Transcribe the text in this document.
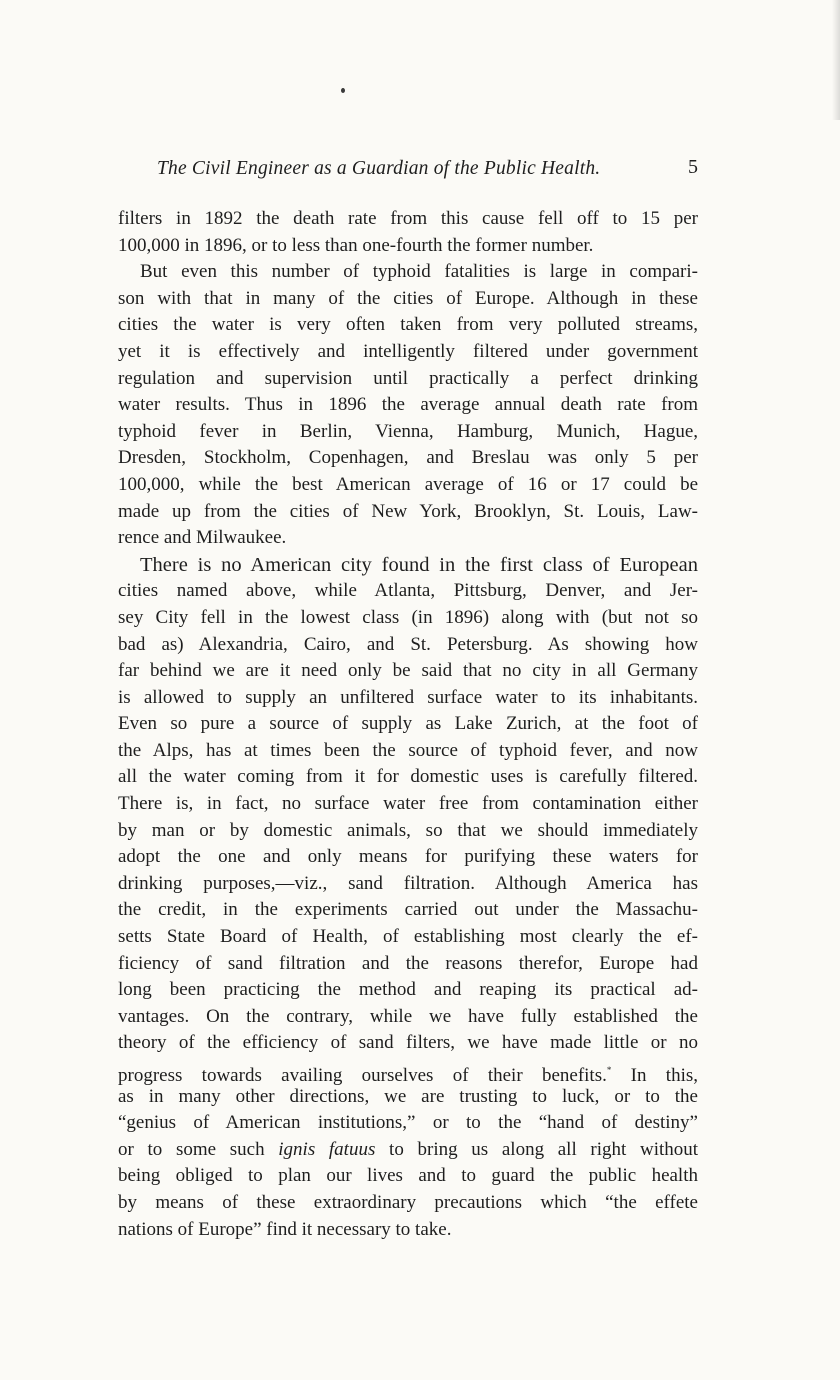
The Civil Engineer as a Guardian of the Public Health.	5
filters in 1892 the death rate from this cause fell off to 15 per
100,000 in 1896, or to less than one-fourth the former number.
But even this number of typhoid fatalities is large in compari-
son with that in many of the cities of Europe. Although in these
cities the water is very often taken from very polluted streams,
yet it is effectively and intelligently filtered under government
regulation and supervision until practically a perfect drinking
water results. Thus in 1896 the average annual death rate from
typhoid fever in Berlin, Vienna, Hamburg, Munich, Hague,
Dresden, Stockholm, Copenhagen, and Breslau was only 5 per
100,000, while the best American average of 16 or 17 could be
made up from the cities of New York, Brooklyn, St. Louis, Law-
rence and Milwaukee.
There is no American city found in the first class of European
cities named above, while Atlanta, Pittsburg, Denver, and Jer-
sey City fell in the lowest class (in 1896) along with (but not so
bad as) Alexandria, Cairo, and St. Petersburg. As showing how
far behind we are it need only be said that no city in all Germany
is allowed to supply an unfiltered surface water to its inhabitants.
Even so pure a source of supply as Lake Zurich, at the foot of
the Alps, has at times been the source of typhoid fever, and now
all the water coming from it for domestic uses is carefully filtered.
There is, in fact, no surface water free from contamination either
by man or by domestic animals, so that we should immediately
adopt the one and only means for purifying these waters for
drinking purposes,—viz., sand filtration. Although America has
the credit, in the experiments carried out under the Massachu-
setts State Board of Health, of establishing most clearly the ef-
ficiency of sand filtration and the reasons therefor, Europe had
long been practicing the method and reaping its practical ad-
vantages. On the contrary, while we have fully established the
theory of the efficiency of sand filters, we have made little or no
progress towards availing ourselves of their benefits.* In this,
as in many other directions, we are trusting to luck, or to the
“genius of American institutions,” or to the “hand of destiny”
or to some such ignis fatuus to bring us along all right without
being obliged to plan our lives and to guard the public health
by means of these extraordinary precautions which “the effete
nations of Europe” find it necessary to take.
